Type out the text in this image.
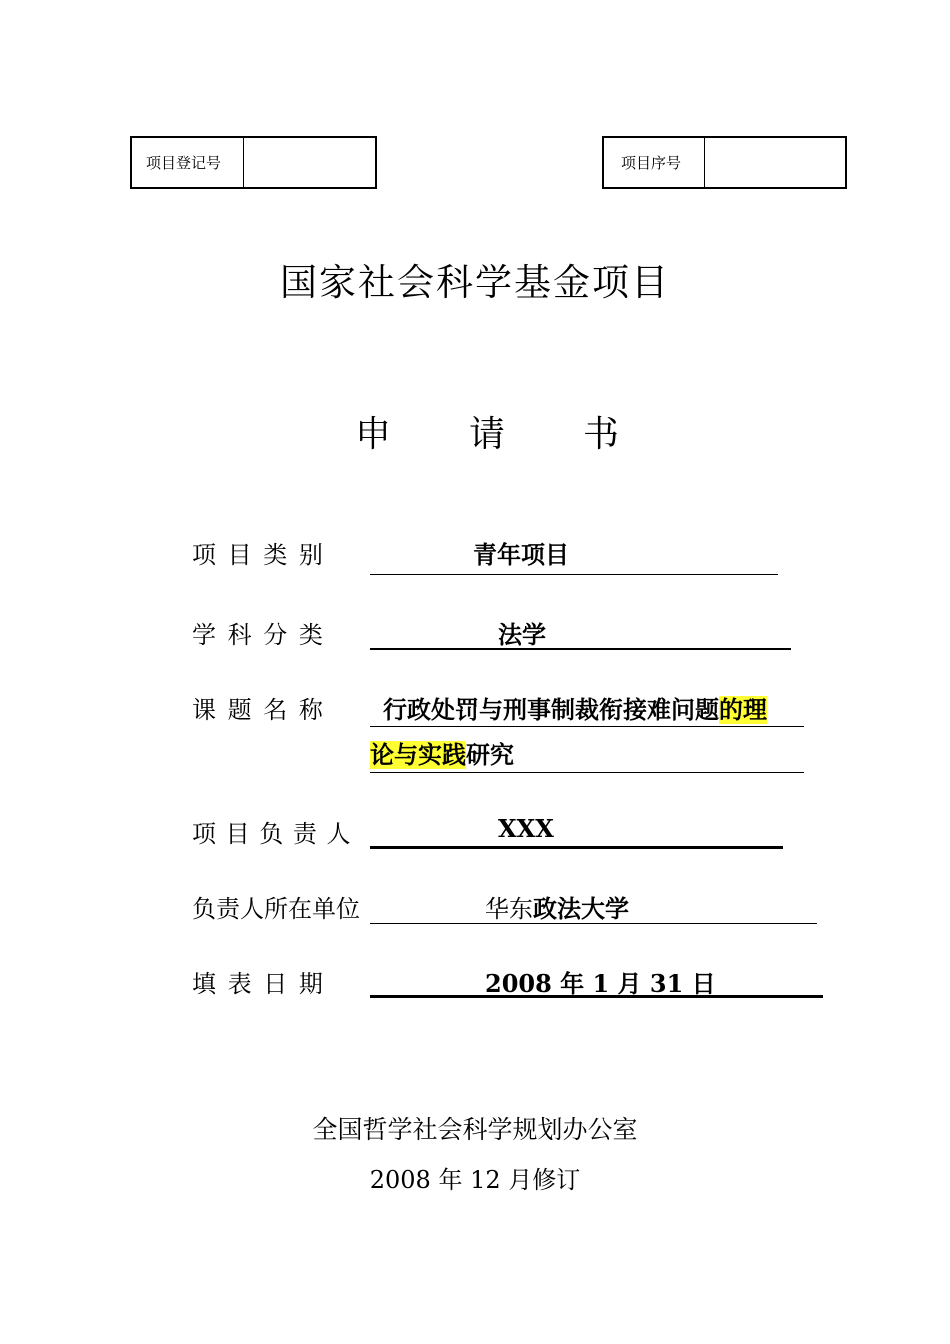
项目登记号	项目序号
国家社会科学基金项目
申 请 书
项 目 类 别	青年项目
学 科 分 类	法学
课 题 名 称 行政处罚与刑事制裁衔接难问题的理
论与实践研究
项 目 负 责 人	XXX
负责人所在单位	华东政法大学
填 表 日 期	2008 年 1 月 31 日
全国哲学社会科学规划办公室
2008 年 12 月修订
